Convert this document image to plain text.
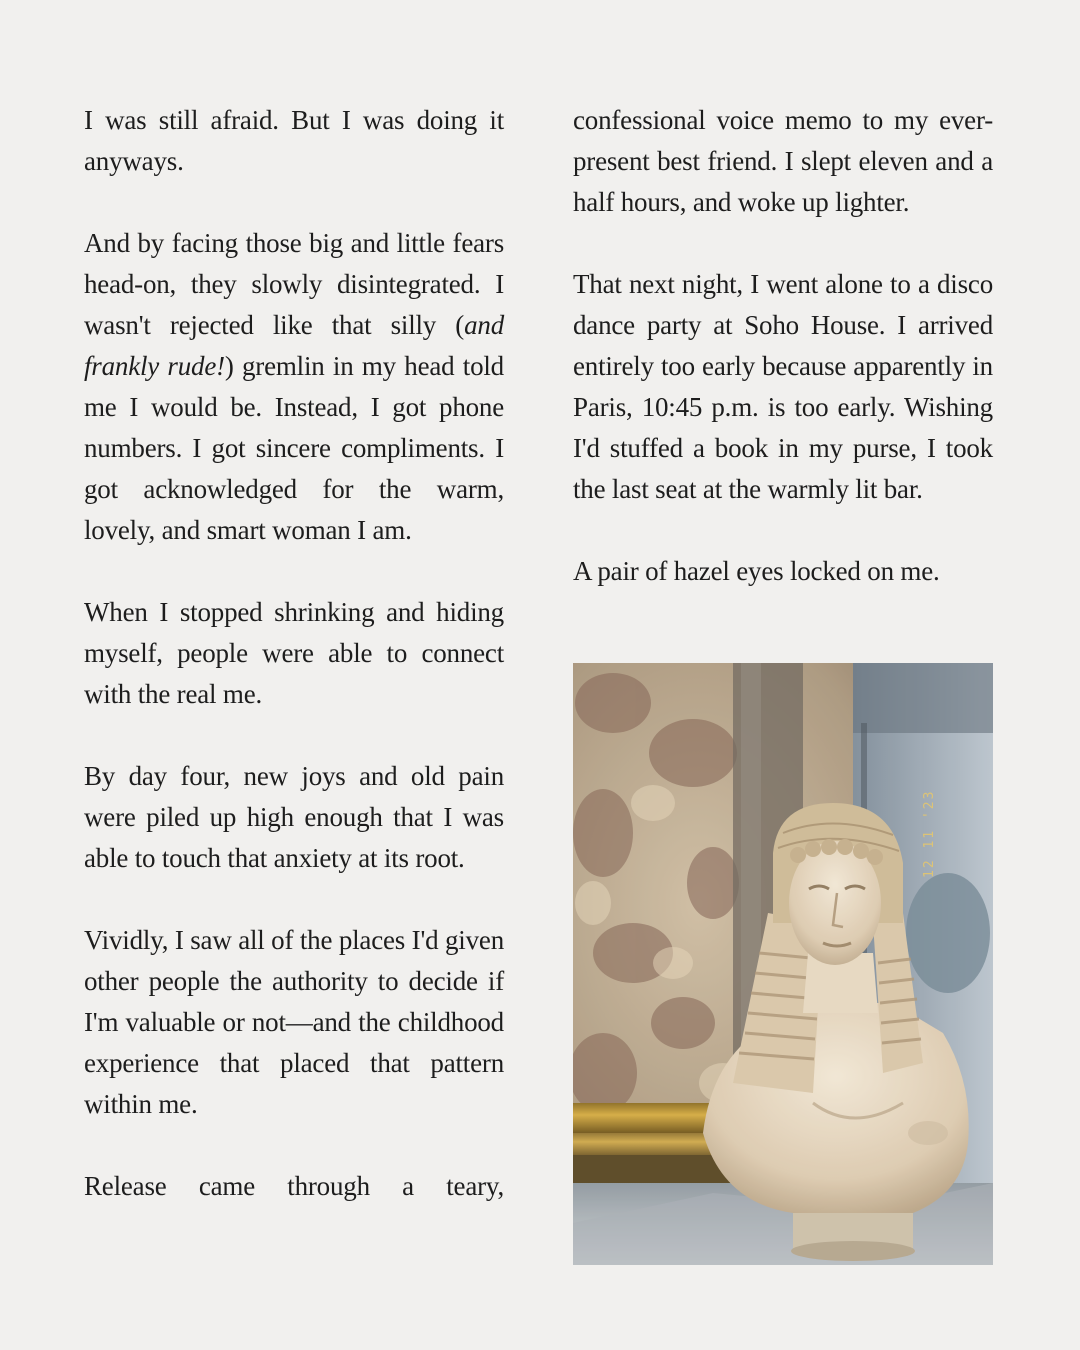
I was still afraid. But I was doing it anyways.

And by facing those big and little fears head-on, they slowly disintegrated. I wasn't rejected like that silly (and frankly rude!) gremlin in my head told me I would be. Instead, I got phone numbers. I got sincere compliments. I got acknowledged for the warm, lovely, and smart woman I am.

When I stopped shrinking and hiding myself, people were able to connect with the real me.

By day four, new joys and old pain were piled up high enough that I was able to touch that anxiety at its root.

Vividly, I saw all of the places I'd given other people the authority to decide if I'm valuable or not—and the childhood experience that placed that pattern within me.

Release came through a teary,

confessional voice memo to my ever-present best friend. I slept eleven and a half hours, and woke up lighter.

That next night, I went alone to a disco dance party at Soho House. I arrived entirely too early because apparently in Paris, 10:45 p.m. is too early. Wishing I'd stuffed a book in my purse, I took the last seat at the warmly lit bar.

A pair of hazel eyes locked on me.

12 11 '23
